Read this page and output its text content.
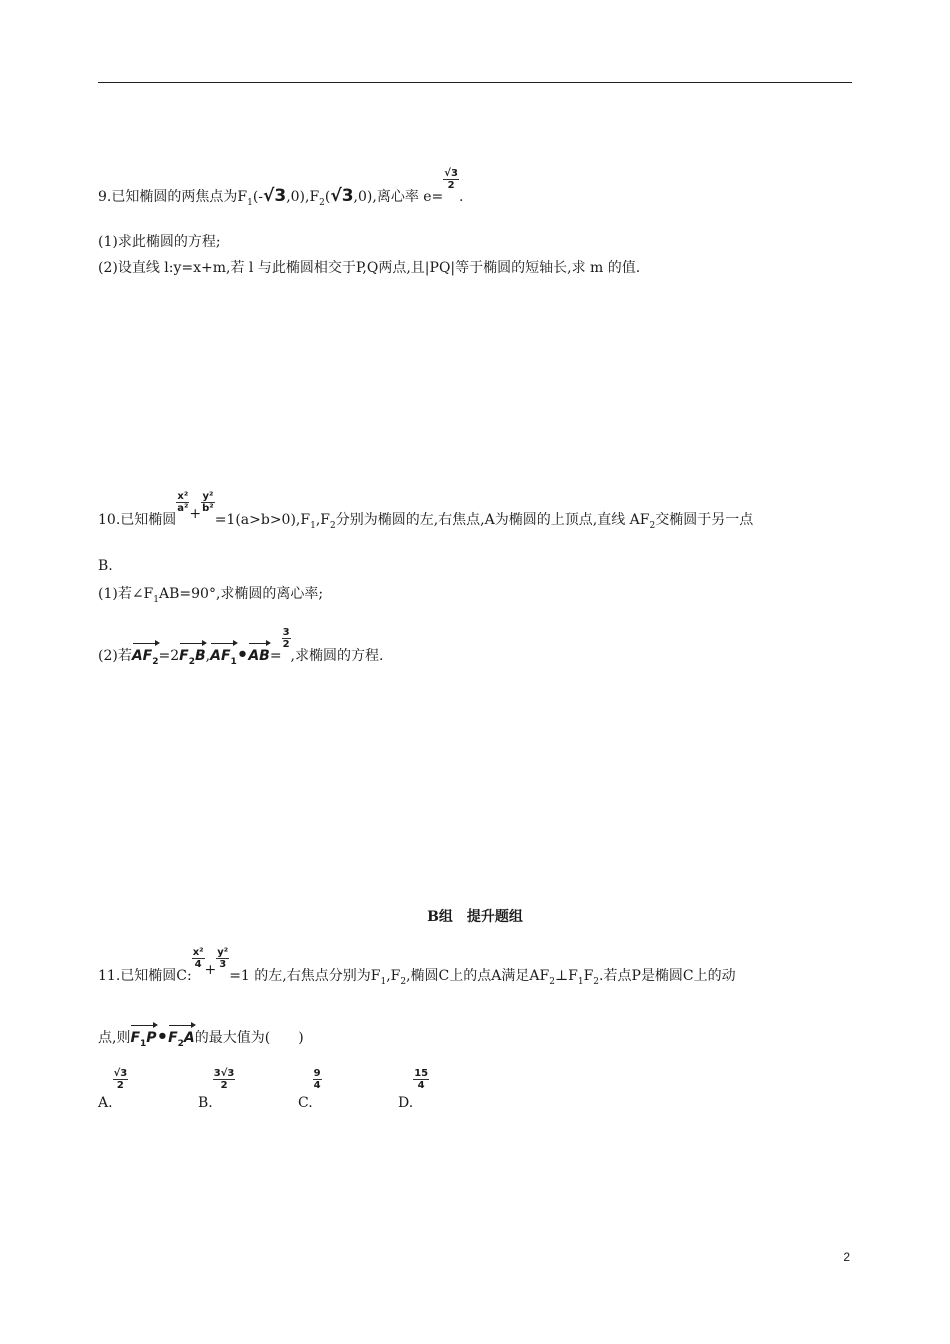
9.已知椭圆的两焦点为$F_1(-√3,0),F_2(√3,0)$,离心率 e=
$\frac{√3}{2}$
.
(1)求此椭圆的方程;
(2)设直线 l:y=x+m,若 l 与此椭圆相交于P,Q两点,且|PQ|等于椭圆的短轴长,求 m 的值.
10.已知椭圆
$\frac{\text{x²}}{\text{a²}}$
+
$\frac{\text{y²}}{\text{b²}}$
$=1(a>b>0),F_1,F_2$分别为椭圆的左,右焦点,A为椭圆的上顶点,直线 $AF_2$交椭圆于另一点
B.
(1)若$\angle F_1AB=90^\circ$,求椭圆的离心率;
(2)若$AF_2=2F_2B,AF_1•AB=$
$\frac{3}{2}$
,求椭圆的方程.
B组　提升题组
11.已知椭圆C:
$\frac{\text{x²}}{4}$
+
$\frac{\text{y²}}{3}$
=1 的左,右焦点分别为$F_1,F_2$,椭圆C上的点A满足$AF_2\perp F_1F_2$.若点P是椭圆C上的动
点,则$F_1P•F_2A$的最大值为(　　)
A.
$\frac{√3}{2}$
B.
$\frac{3√3}{2}$
C.
$\frac{9}{4}$
D.
$\frac{15}{4}$
2
